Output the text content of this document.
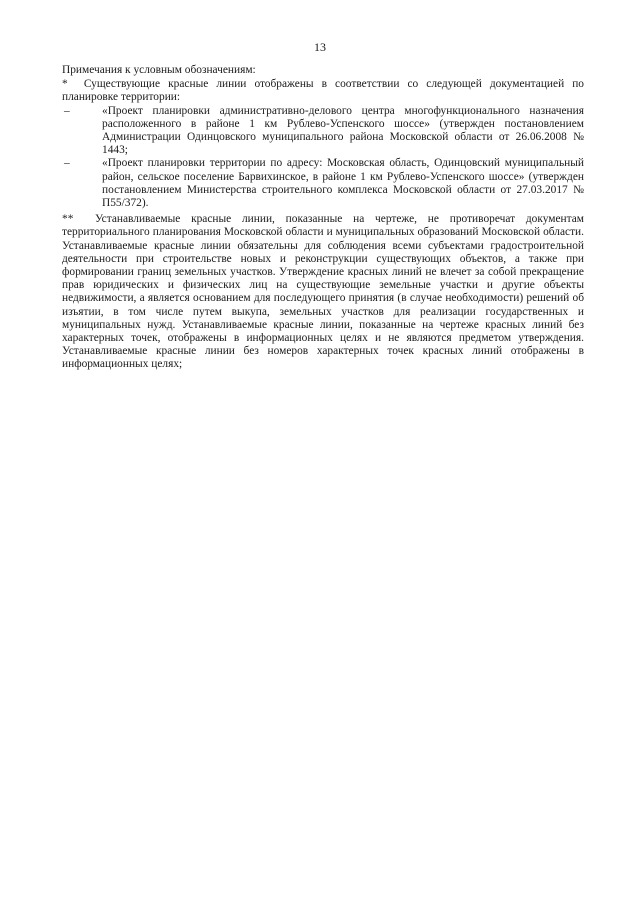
13

Примечания к условным обозначениям:

* Существующие красные линии отображены в соответствии со следующей документацией по планировке территории:

–	«Проект планировки административно-делового центра многофункционального назначения расположенного в районе 1 км Рублево-Успенского шоссе» (утвержден постановлением Администрации Одинцовского муниципального района Московской области от 26.06.2008 № 1443;
–	«Проект планировки территории по адресу: Московская область, Одинцовский муниципальный район, сельское поселение Барвихинское, в районе 1 км Рублево-Успенского шоссе» (утвержден постановлением Министерства строительного комплекса Московской области от 27.03.2017 № П55/372).

** Устанавливаемые красные линии, показанные на чертеже, не противоречат документам территориального планирования Московской области и муниципальных образований Московской области. Устанавливаемые красные линии обязательны для соблюдения всеми субъектами градостроительной деятельности при строительстве новых и реконструкции существующих объектов, а также при формировании границ земельных участков. Утверждение красных линий не влечет за собой прекращение прав юридических и физических лиц на существующие земельные участки и другие объекты недвижимости, а является основанием для последующего принятия (в случае необходимости) решений об изъятии, в том числе путем выкупа, земельных участков для реализации государственных и муниципальных нужд. Устанавливаемые красные линии, показанные на чертеже красных линий без характерных точек, отображены в информационных целях и не являются предметом утверждения. Устанавливаемые красные линии без номеров характерных точек красных линий отображены в информационных целях;
